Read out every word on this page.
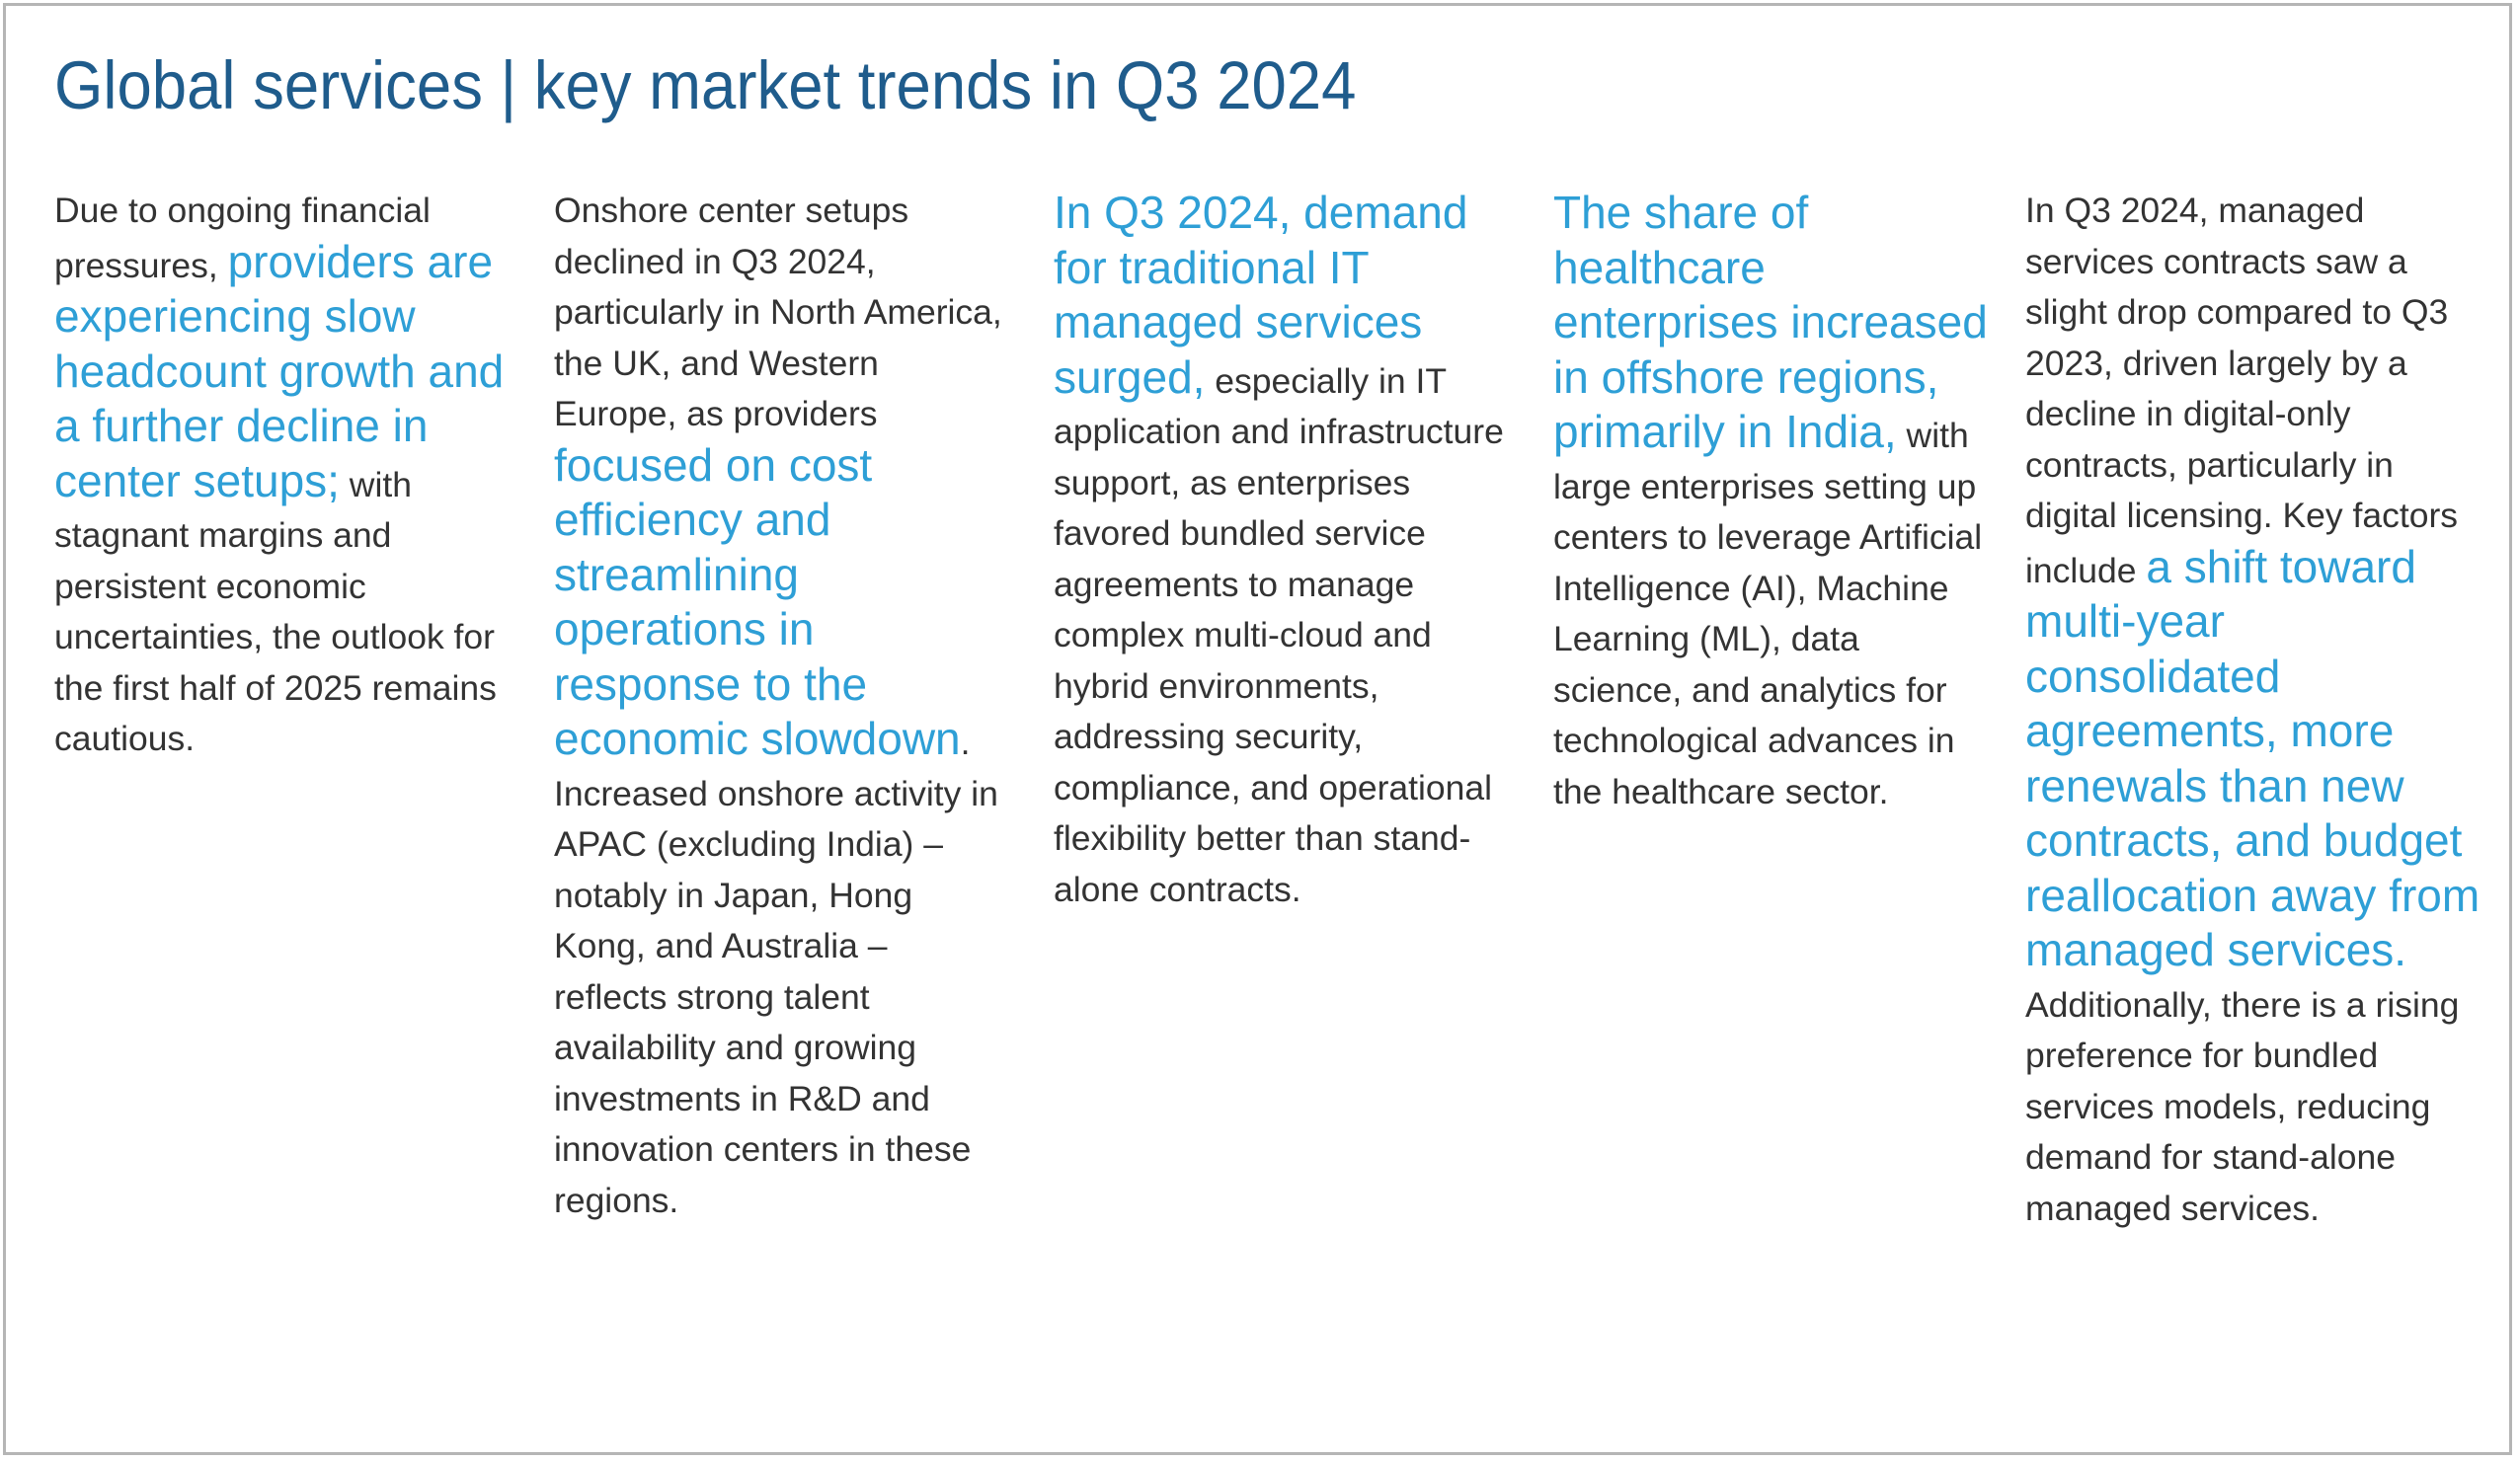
Global services | key market trends in Q3 2024

Due to ongoing financial pressures, providers are experiencing slow headcount growth and a further decline in center setups; with stagnant margins and persistent economic uncertainties, the outlook for the first half of 2025 remains cautious.

Onshore center setups declined in Q3 2024, particularly in North America, the UK, and Western Europe, as providers focused on cost efficiency and streamlining operations in response to the economic slowdown. Increased onshore activity in APAC (excluding India) – notably in Japan, Hong Kong, and Australia – reflects strong talent availability and growing investments in R&D and innovation centers in these regions.

In Q3 2024, demand for traditional IT managed services surged, especially in IT application and infrastructure support, as enterprises favored bundled service agreements to manage complex multi-cloud and hybrid environments, addressing security, compliance, and operational flexibility better than stand-alone contracts.

The share of healthcare enterprises increased in offshore regions, primarily in India, with large enterprises setting up centers to leverage Artificial Intelligence (AI), Machine Learning (ML), data science, and analytics for technological advances in the healthcare sector.

In Q3 2024, managed services contracts saw a slight drop compared to Q3 2023, driven largely by a decline in digital-only contracts, particularly in digital licensing. Key factors include a shift toward multi-year consolidated agreements, more renewals than new contracts, and budget reallocation away from managed services. Additionally, there is a rising preference for bundled services models, reducing demand for stand-alone managed services.
